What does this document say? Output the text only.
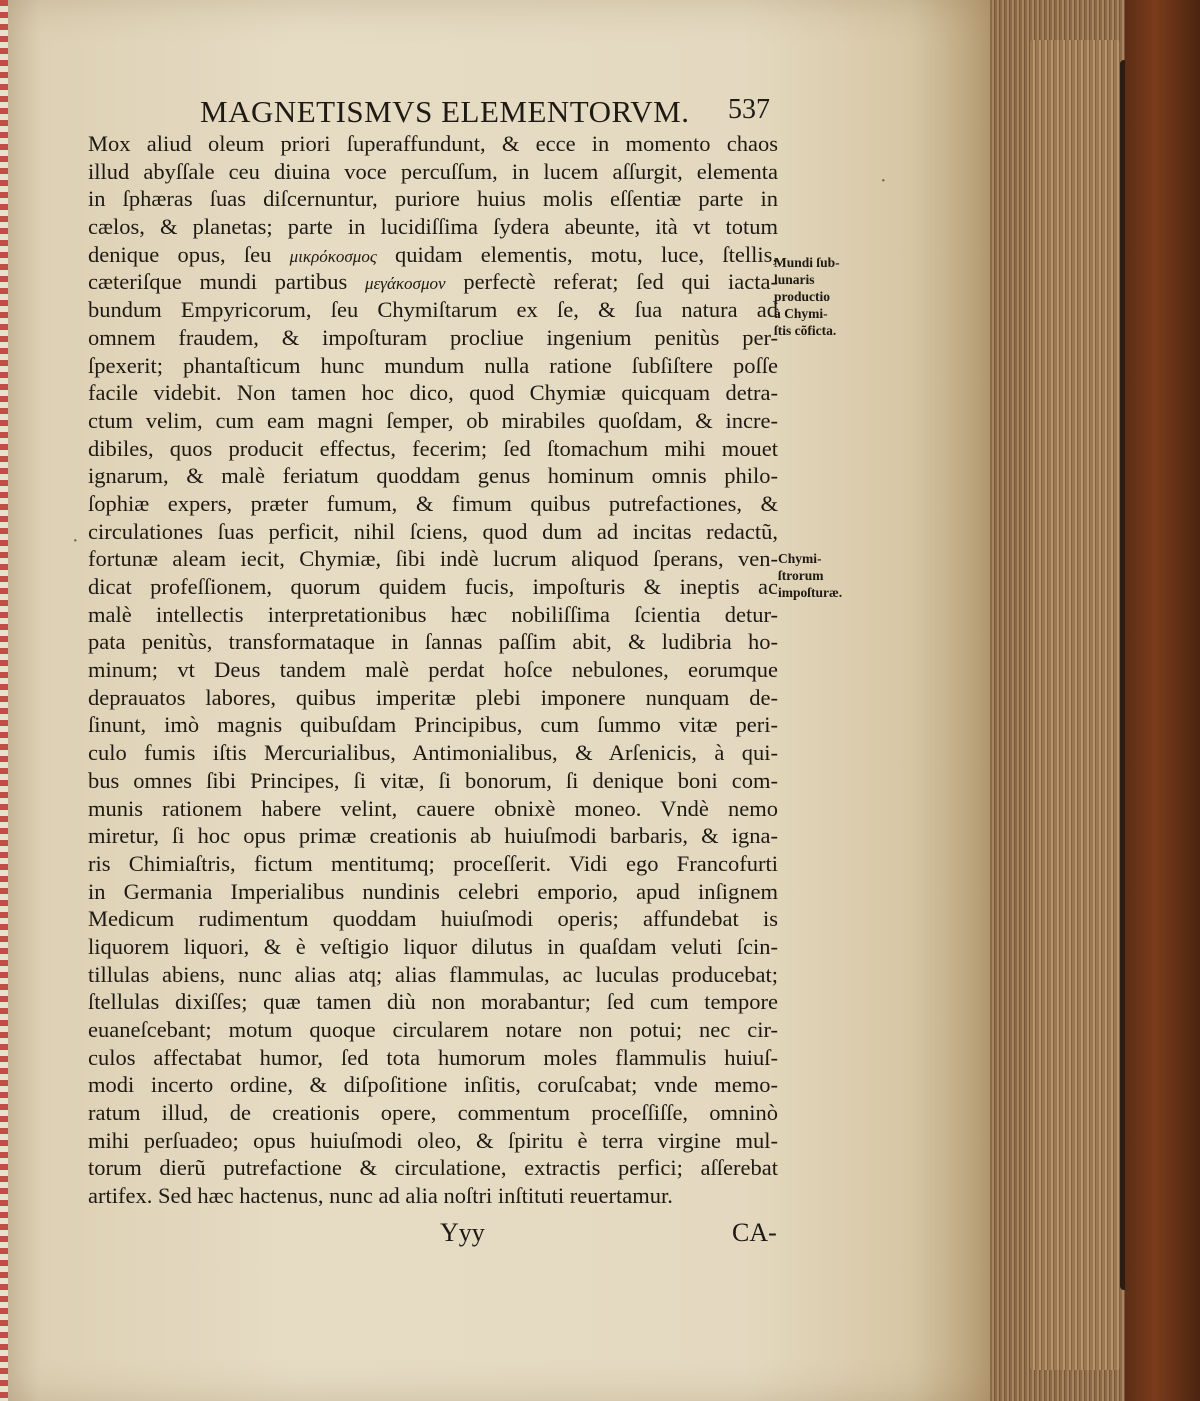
MAGNETISMVS ELEMENTORVM. 537
Mox aliud oleum priori ſuperaffundunt, & ecce in momento chaos
illud abyſſale ceu diuina voce percuſſum, in lucem aſſurgit, elementa
in ſphæras ſuas diſcernuntur, puriore huius molis eſſentiæ parte in
cælos, & planetas; parte in lucidiſſima ſydera abeunte, ità vt totum
denique opus, ſeu μικρόκοσμος quidam elementis, motu, luce, ſtellis,
cæteriſque mundi partibus μεγάκοσμον perfectè referat; ſed qui iacta-
bundum Empyricorum, ſeu Chymiſtarum ex ſe, & ſua natura ad
omnem fraudem, & impoſturam procliue ingenium penitùs per-
ſpexerit; phantaſticum hunc mundum nulla ratione ſubſiſtere poſſe
facile videbit. Non tamen hoc dico, quod Chymiæ quicquam detra-
ctum velim, cum eam magni ſemper, ob mirabiles quoſdam, & incre-
dibiles, quos producit effectus, fecerim; ſed ſtomachum mihi mouet
ignarum, & malè feriatum quoddam genus hominum omnis philo-
ſophiæ expers, præter fumum, & fimum quibus putrefactiones, &
circulationes ſuas perficit, nihil ſciens, quod dum ad incitas redactũ,
fortunæ aleam iecit, Chymiæ, ſibi indè lucrum aliquod ſperans, ven-
dicat profeſſionem, quorum quidem fucis, impoſturis & ineptis ac
malè intellectis interpretationibus hæc nobiliſſima ſcientia detur-
pata penitùs, transformataque in ſannas paſſim abit, & ludibria ho-
minum; vt Deus tandem malè perdat hoſce nebulones, eorumque
deprauatos labores, quibus imperitæ plebi imponere nunquam de-
ſinunt, imò magnis quibuſdam Principibus, cum ſummo vitæ peri-
culo fumis iſtis Mercurialibus, Antimonialibus, & Arſenicis, à qui-
bus omnes ſibi Principes, ſi vitæ, ſi bonorum, ſi denique boni com-
munis rationem habere velint, cauere obnixè moneo. Vndè nemo
miretur, ſi hoc opus primæ creationis ab huiuſmodi barbaris, & igna-
ris Chimiaſtris, fictum mentitumq; proceſſerit. Vidi ego Francofurti
in Germania Imperialibus nundinis celebri emporio, apud inſignem
Medicum rudimentum quoddam huiuſmodi operis; affundebat is
liquorem liquori, & è veſtigio liquor dilutus in quaſdam veluti ſcin-
tillulas abiens, nunc alias atq; alias flammulas, ac luculas producebat;
ſtellulas dixiſſes; quæ tamen diù non morabantur; ſed cum tempore
euaneſcebant; motum quoque circularem notare non potui; nec cir-
culos affectabat humor, ſed tota humorum moles flammulis huiuſ-
modi incerto ordine, & diſpoſitione inſitis, coruſcabat; vnde memo-
ratum illud, de creationis opere, commentum proceſſiſſe, omninò
mihi perſuadeo; opus huiuſmodi oleo, & ſpiritu è terra virgine mul-
torum dierũ putrefactione & circulatione, extractis perfici; aſſerebat
artifex. Sed hæc hactenus, nunc ad alia noſtri inſtituti reuertamur.
Mundi ſub-
lunaris
productio
à Chymi-
ſtis cõficta.
Chymi-
ſtrorum
impoſturæ.
Yyy	CA-
·
·
